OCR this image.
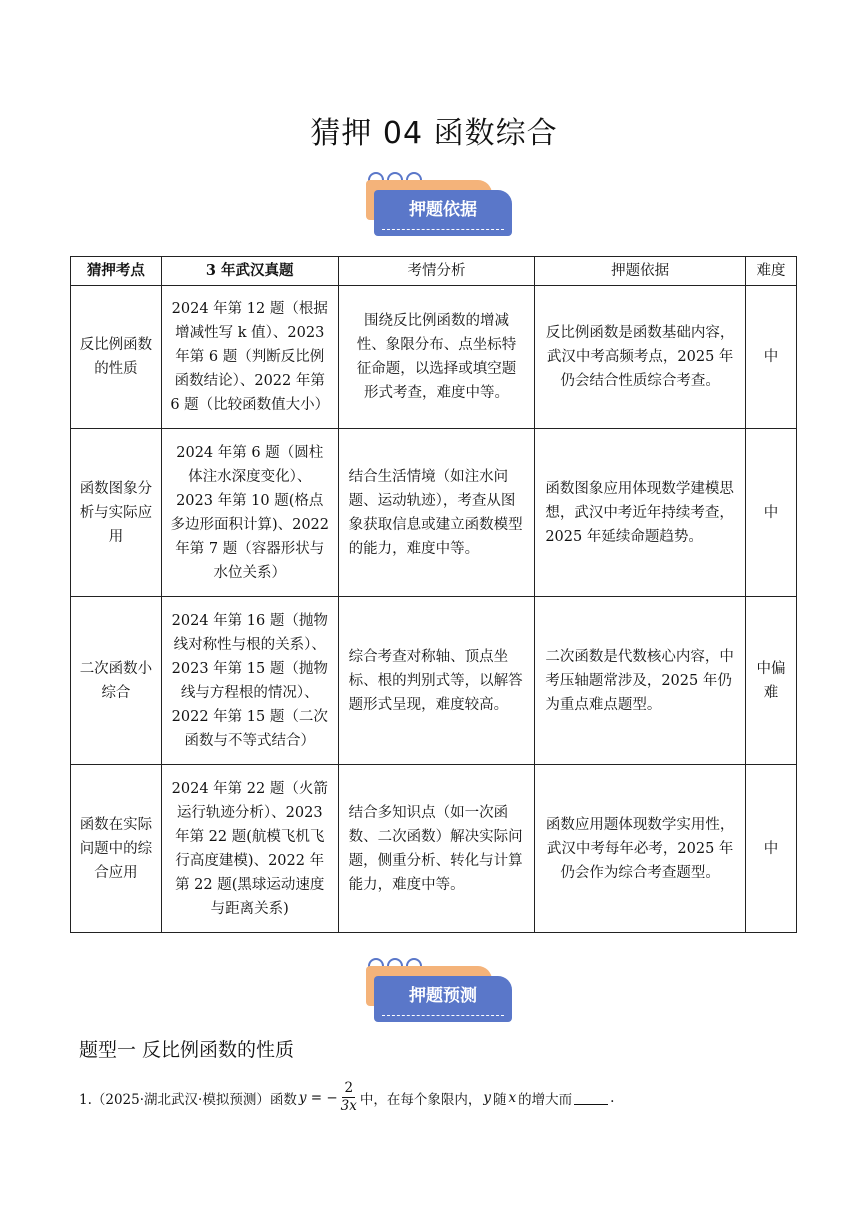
猜押 04 函数综合
押题依据
猜押考点	3 年武汉真题	考情分析	押题依据	难度
反比例函数的性质	2024 年第 12 题（根据增减性写 k 值）、2023 年第 6 题（判断反比例函数结论）、2022 年第 6 题（比较函数值大小）	围绕反比例函数的增减性、象限分布、点坐标特征命题，以选择或填空题形式考查，难度中等。	反比例函数是函数基础内容，武汉中考高频考点，2025 年仍会结合性质综合考查。	中
函数图象分析与实际应用	2024 年第 6 题（圆柱体注水深度变化）、2023 年第 10 题(格点多边形面积计算)、2022 年第 7 题（容器形状与水位关系）	结合生活情境（如注水问题、运动轨迹），考查从图象获取信息或建立函数模型的能力，难度中等。	函数图象应用体现数学建模思想，武汉中考近年持续考查，2025 年延续命题趋势。	中
二次函数小综合	2024 年第 16 题（抛物线对称性与根的关系）、2023 年第 15 题（抛物线与方程根的情况）、2022 年第 15 题（二次函数与不等式结合）	综合考查对称轴、顶点坐标、根的判别式等，以解答题形式呈现，难度较高。	二次函数是代数核心内容，中考压轴题常涉及，2025 年仍为重点难点题型。	中偏难
函数在实际问题中的综合应用	2024 年第 22 题（火箭运行轨迹分析）、2023 年第 22 题(航模飞机飞行高度建模)、2022 年第 22 题(黑球运动速度与距离关系)	结合多知识点（如一次函数、二次函数）解决实际问题，侧重分析、转化与计算能力，难度中等。	函数应用题体现数学实用性，武汉中考每年必考，2025 年仍会作为综合考查题型。	中
押题预测
题型一 反比例函数的性质
1.（2025·湖北武汉·模拟预测）函数 y = − $\frac{2}{3x}$ 中，在每个象限内， y 随 x 的增大而	.
